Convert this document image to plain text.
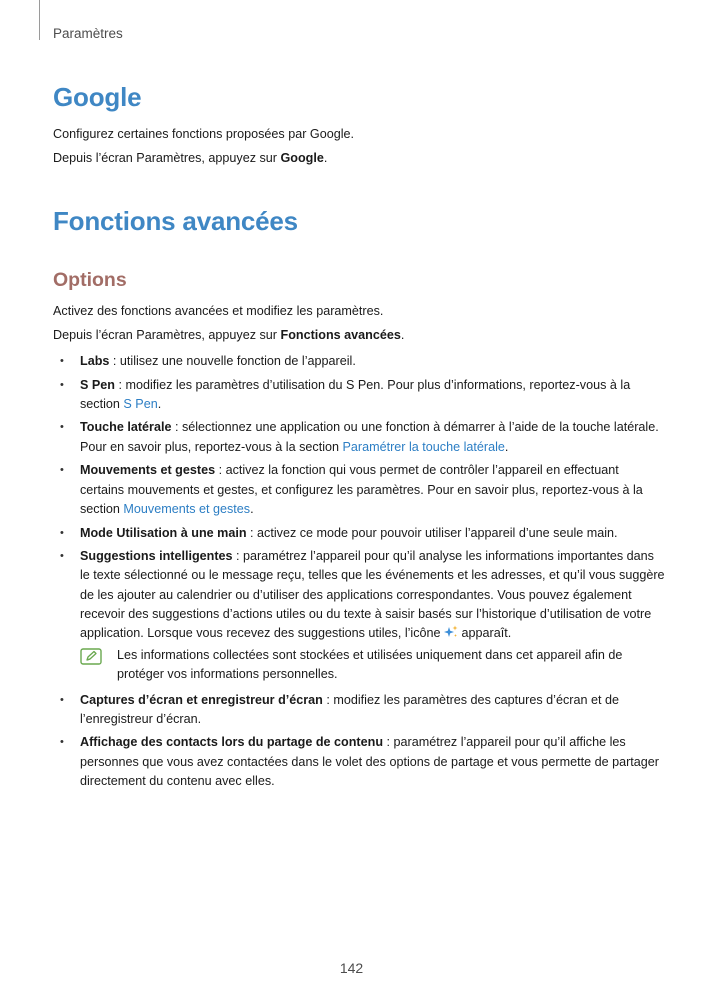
Paramètres
Google
Configurez certaines fonctions proposées par Google.
Depuis l’écran Paramètres, appuyez sur Google.
Fonctions avancées
Options
Activez des fonctions avancées et modifiez les paramètres.
Depuis l’écran Paramètres, appuyez sur Fonctions avancées.
• Labs : utilisez une nouvelle fonction de l’appareil.
• S Pen : modifiez les paramètres d’utilisation du S Pen. Pour plus d’informations, reportez-vous à la
section S Pen.
• Touche latérale : sélectionnez une application ou une fonction à démarrer à l’aide de la touche latérale.
Pour en savoir plus, reportez-vous à la section Paramétrer la touche latérale.
• Mouvements et gestes : activez la fonction qui vous permet de contrôler l’appareil en effectuant
certains mouvements et gestes, et configurez les paramètres. Pour en savoir plus, reportez-vous à la
section Mouvements et gestes.
• Mode Utilisation à une main : activez ce mode pour pouvoir utiliser l’appareil d’une seule main.
• Suggestions intelligentes : paramétrez l’appareil pour qu’il analyse les informations importantes dans
le texte sélectionné ou le message reçu, telles que les événements et les adresses, et qu’il vous suggère
de les ajouter au calendrier ou d’utiliser des applications correspondantes. Vous pouvez également
recevoir des suggestions d’actions utiles ou du texte à saisir basés sur l’historique d’utilisation de votre
application. Lorsque vous recevez des suggestions utiles, l’icône  apparaît.
Les informations collectées sont stockées et utilisées uniquement dans cet appareil afin de
protéger vos informations personnelles.
• Captures d’écran et enregistreur d’écran : modifiez les paramètres des captures d’écran et de
l’enregistreur d’écran.
• Affichage des contacts lors du partage de contenu : paramétrez l’appareil pour qu’il affiche les
personnes que vous avez contactées dans le volet des options de partage et vous permette de partager
directement du contenu avec elles.
142
